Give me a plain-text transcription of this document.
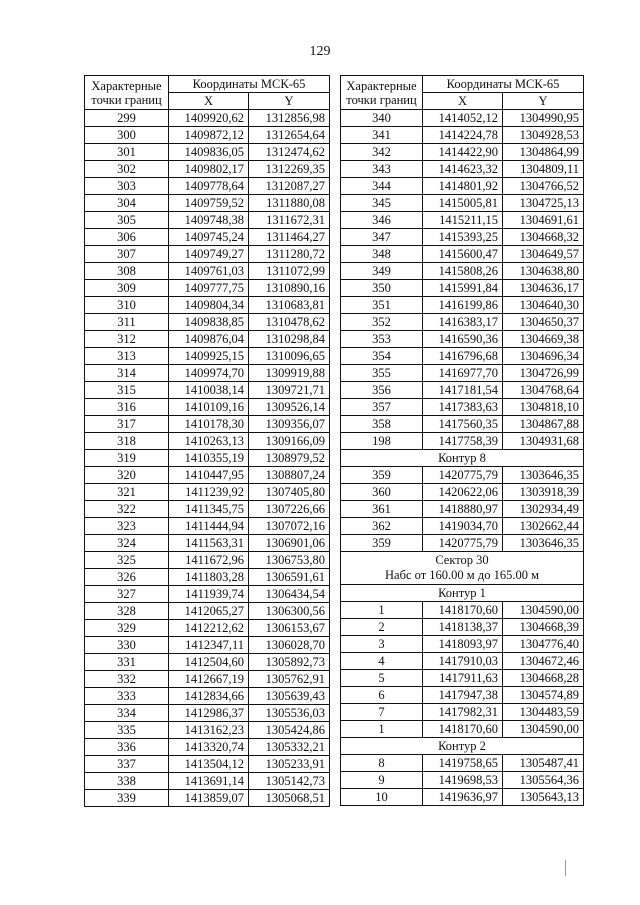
129
Характерные точки границ	Координаты МСК-65	
	X	Y
299	1409920,62	1312856,98
300	1409872,12	1312654,64
301	1409836,05	1312474,62
302	1409802,17	1312269,35
303	1409778,64	1312087,27
304	1409759,52	1311880,08
305	1409748,38	1311672,31
306	1409745,24	1311464,27
307	1409749,27	1311280,72
308	1409761,03	1311072,99
309	1409777,75	1310890,16
310	1409804,34	1310683,81
311	1409838,85	1310478,62
312	1409876,04	1310298,84
313	1409925,15	1310096,65
314	1409974,70	1309919,88
315	1410038,14	1309721,71
316	1410109,16	1309526,14
317	1410178,30	1309356,07
318	1410263,13	1309166,09
319	1410355,19	1308979,52
320	1410447,95	1308807,24
321	1411239,92	1307405,80
322	1411345,75	1307226,66
323	1411444,94	1307072,16
324	1411563,31	1306901,06
325	1411672,96	1306753,80
326	1411803,28	1306591,61
327	1411939,74	1306434,54
328	1412065,27	1306300,56
329	1412212,62	1306153,67
330	1412347,11	1306028,70
331	1412504,60	1305892,73
332	1412667,19	1305762,91
333	1412834,66	1305639,43
334	1412986,37	1305536,03
335	1413162,23	1305424,86
336	1413320,74	1305332,21
337	1413504,12	1305233,91
338	1413691,14	1305142,73
339	1413859,07	1305068,51
Характерные точки границ	Координаты МСК-65	
	X	Y
340	1414052,12	1304990,95
341	1414224,78	1304928,53
342	1414422,90	1304864,99
343	1414623,32	1304809,11
344	1414801,92	1304766,52
345	1415005,81	1304725,13
346	1415211,15	1304691,61
347	1415393,25	1304668,32
348	1415600,47	1304649,57
349	1415808,26	1304638,80
350	1415991,84	1304636,17
351	1416199,86	1304640,30
352	1416383,17	1304650,37
353	1416590,36	1304669,38
354	1416796,68	1304696,34
355	1416977,70	1304726,99
356	1417181,54	1304768,64
357	1417383,63	1304818,10
358	1417560,35	1304867,88
198	1417758,39	1304931,68
Контур 8		
359	1420775,79	1303646,35
360	1420622,06	1303918,39
361	1418880,97	1302934,49
362	1419034,70	1302662,44
359	1420775,79	1303646,35

Сектор 30
Набс от 160.00 м до 165.00 м		

Контур 1		
1	1418170,60	1304590,00
2	1418138,37	1304668,39
3	1418093,97	1304776,40
4	1417910,03	1304672,46
5	1417911,63	1304668,28
6	1417947,38	1304574,89
7	1417982,31	1304483,59
1	1418170,60	1304590,00
Контур 2		
8	1419758,65	1305487,41
9	1419698,53	1305564,36
10	1419636,97	1305643,13
